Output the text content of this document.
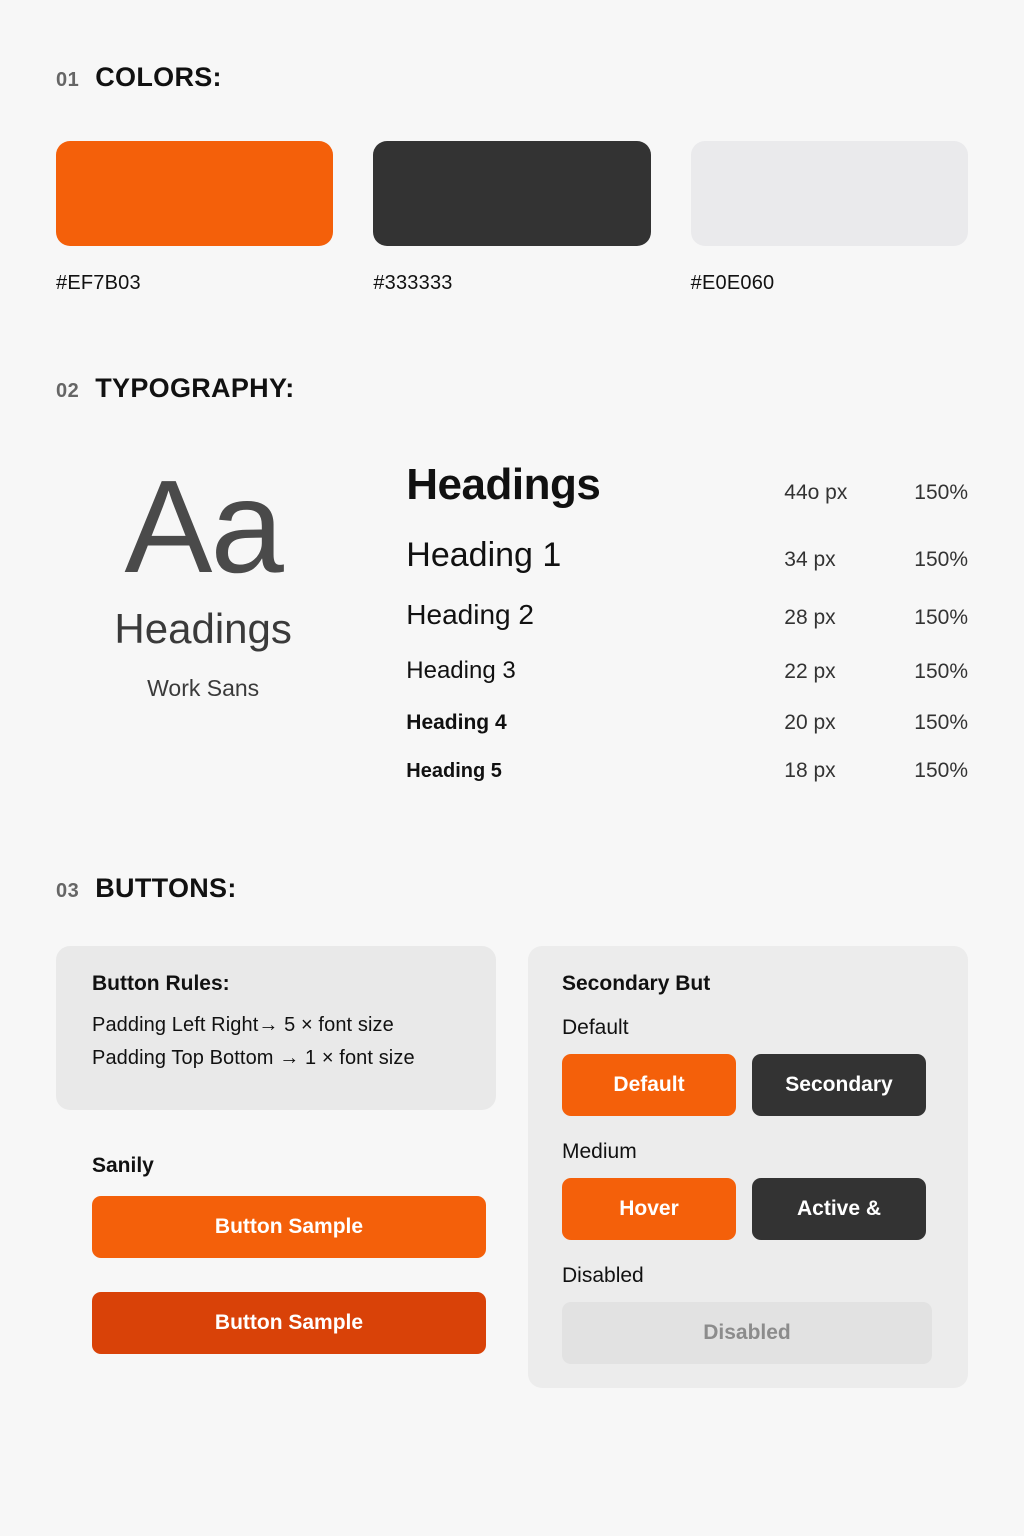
01 COLORS:
#EF7B03	#333333	#E0E060
02 TYPOGRAPHY:
Aa
Headings
Work Sans
Headings	44o px	150%
Heading 1	34 px	150%
Heading 2	28 px	150%
Heading 3	22 px	150%
Heading 4	20 px	150%
Heading 5	18 px	150%
03 BUTTONS:
Button Rules:
Padding Left Right→ 5 × font size
Padding Top Bottom → 1 × font size
Sanily
Button Sample Button Sample
Secondary But
Default
Default	Secondary
Medium
Hover	Active &
Disabled
Disabled
